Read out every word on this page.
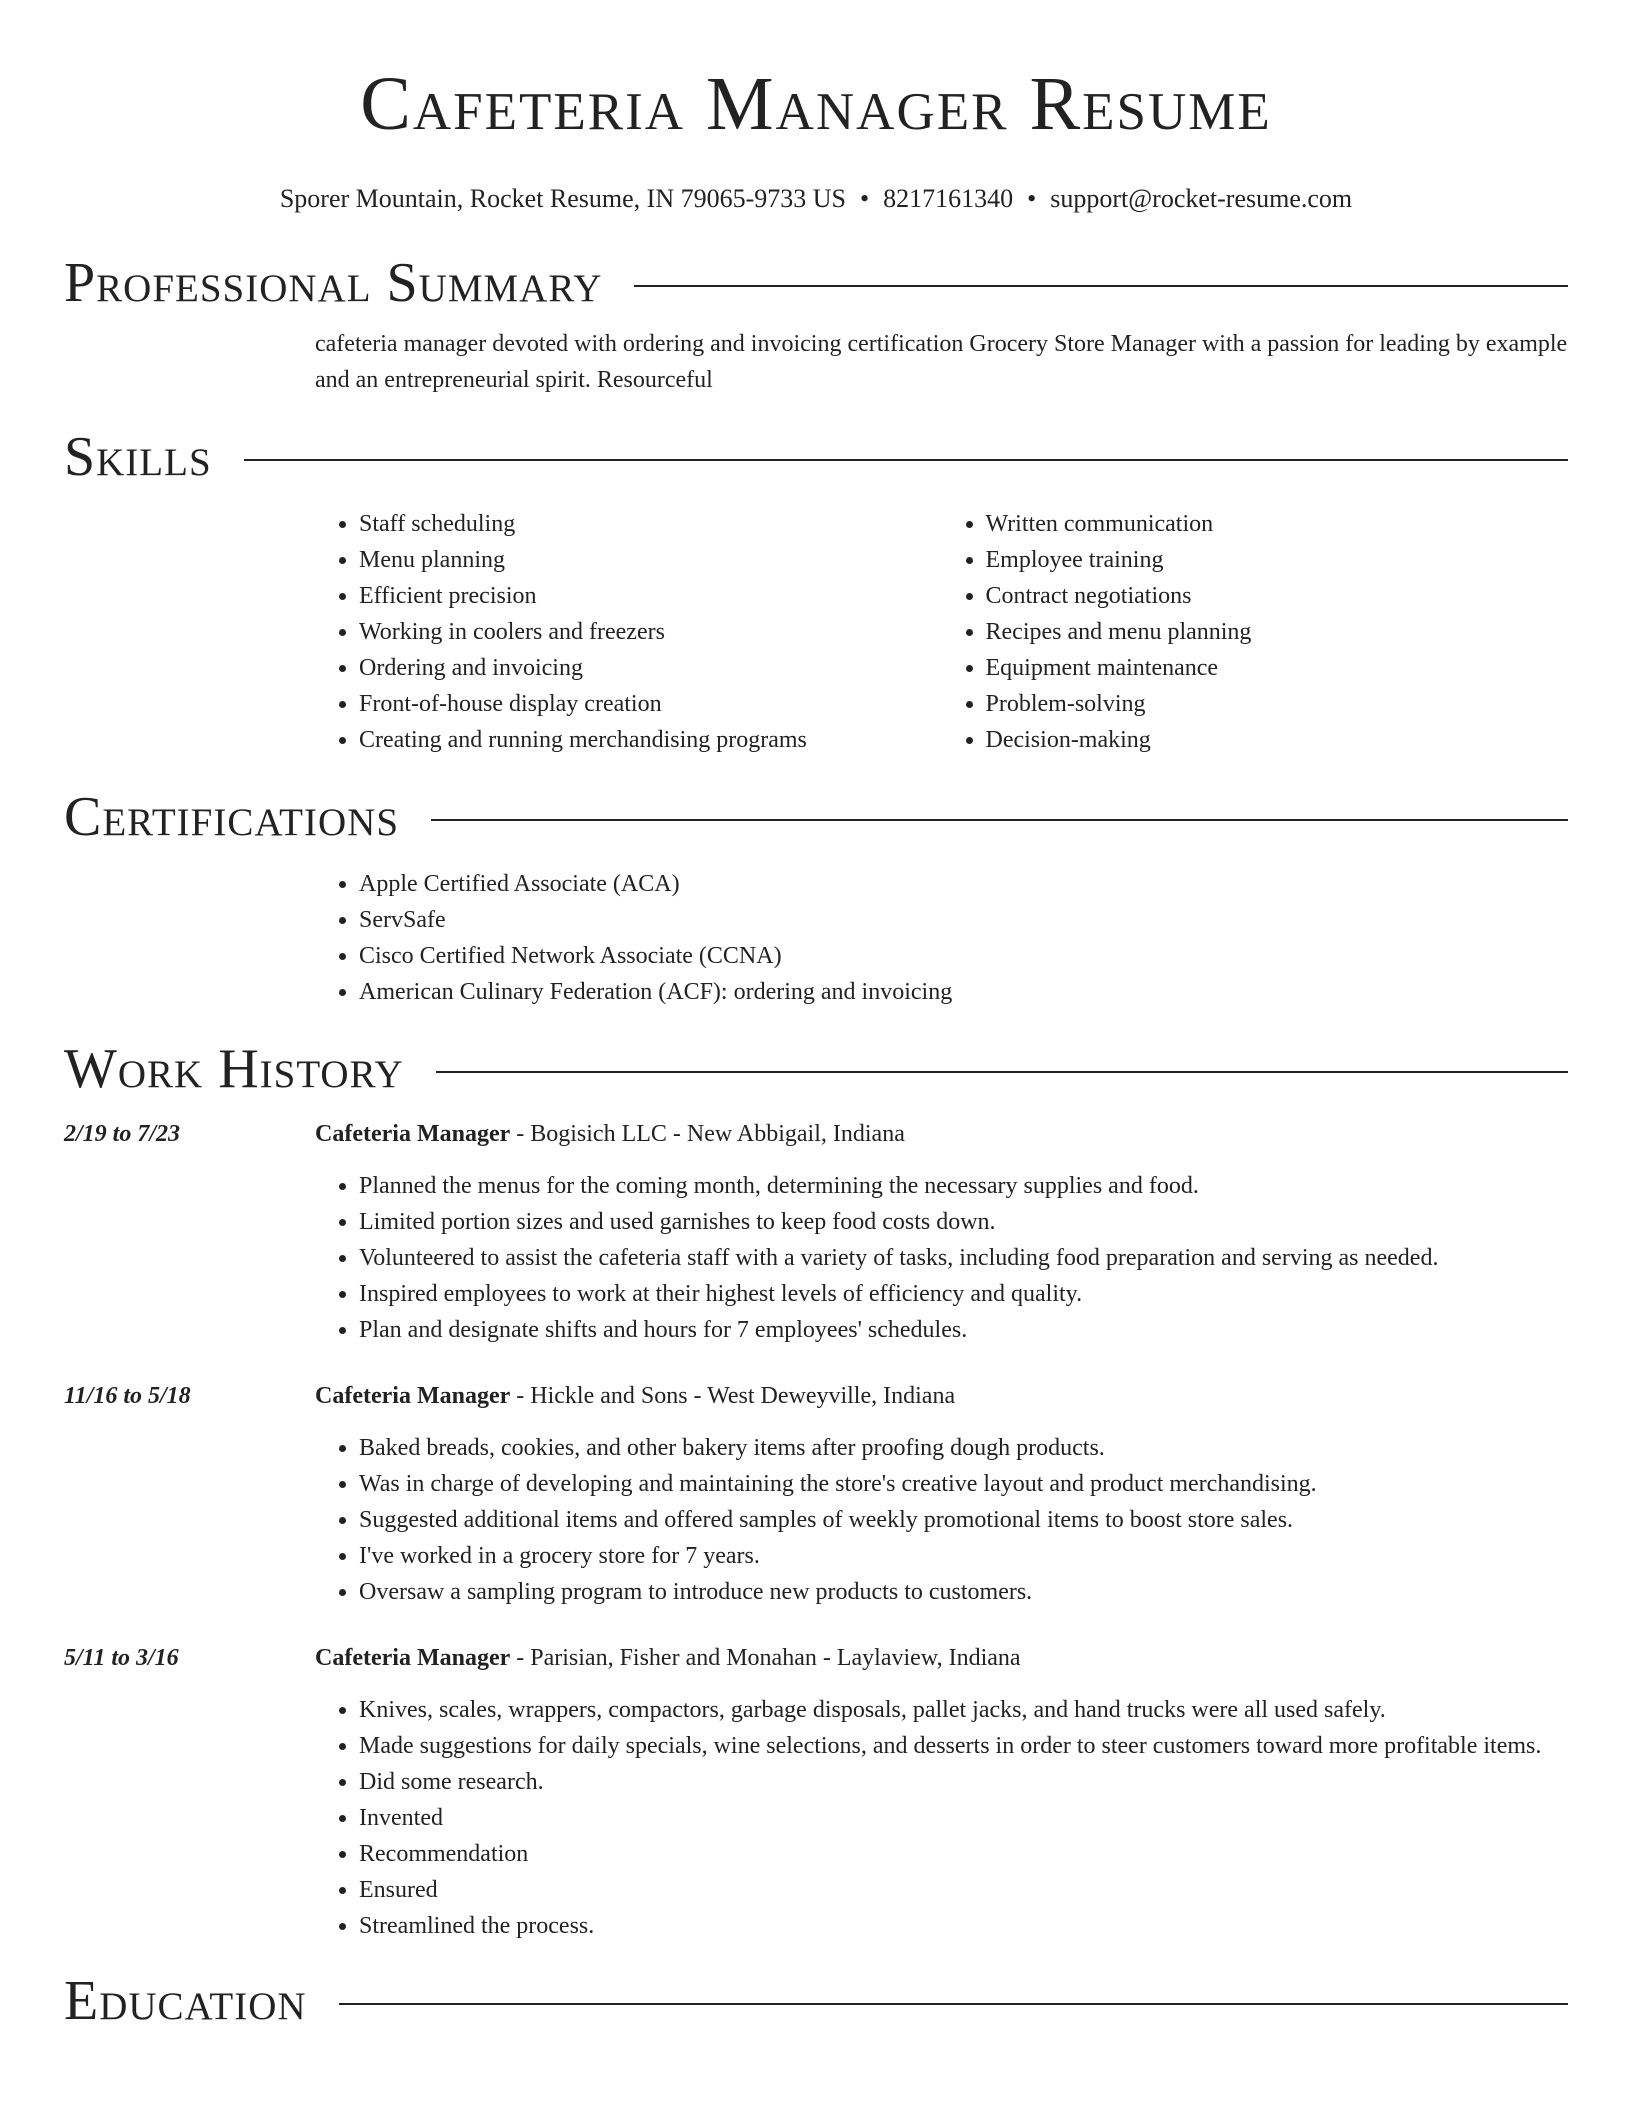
Cafeteria Manager Resume
Sporer Mountain, Rocket Resume, IN 79065-9733 US • 8217161340 • support@rocket-resume.com
Professional Summary
cafeteria manager devoted with ordering and invoicing certification Grocery Store Manager with a passion for leading by example and an entrepreneurial spirit. Resourceful
Skills
• Staff scheduling
• Menu planning
• Efficient precision
• Working in coolers and freezers
• Ordering and invoicing
• Front-of-house display creation
• Creating and running merchandising programs
• Written communication
• Employee training
• Contract negotiations
• Recipes and menu planning
• Equipment maintenance
• Problem-solving
• Decision-making
Certifications
• Apple Certified Associate (ACA)
• ServSafe
• Cisco Certified Network Associate (CCNA)
• American Culinary Federation (ACF): ordering and invoicing
Work History
2/19 to 7/23	Cafeteria Manager - Bogisich LLC - New Abbigail, Indiana
• Planned the menus for the coming month, determining the necessary supplies and food.
• Limited portion sizes and used garnishes to keep food costs down.
• Volunteered to assist the cafeteria staff with a variety of tasks, including food preparation and serving as needed.
• Inspired employees to work at their highest levels of efficiency and quality.
• Plan and designate shifts and hours for 7 employees' schedules.
11/16 to 5/18	Cafeteria Manager - Hickle and Sons - West Deweyville, Indiana
• Baked breads, cookies, and other bakery items after proofing dough products.
• Was in charge of developing and maintaining the store's creative layout and product merchandising.
• Suggested additional items and offered samples of weekly promotional items to boost store sales.
• I've worked in a grocery store for 7 years.
• Oversaw a sampling program to introduce new products to customers.
5/11 to 3/16	Cafeteria Manager - Parisian, Fisher and Monahan - Laylaview, Indiana
• Knives, scales, wrappers, compactors, garbage disposals, pallet jacks, and hand trucks were all used safely.
• Made suggestions for daily specials, wine selections, and desserts in order to steer customers toward more profitable items.
• Did some research.
• Invented
• Recommendation
• Ensured
• Streamlined the process.
Education
